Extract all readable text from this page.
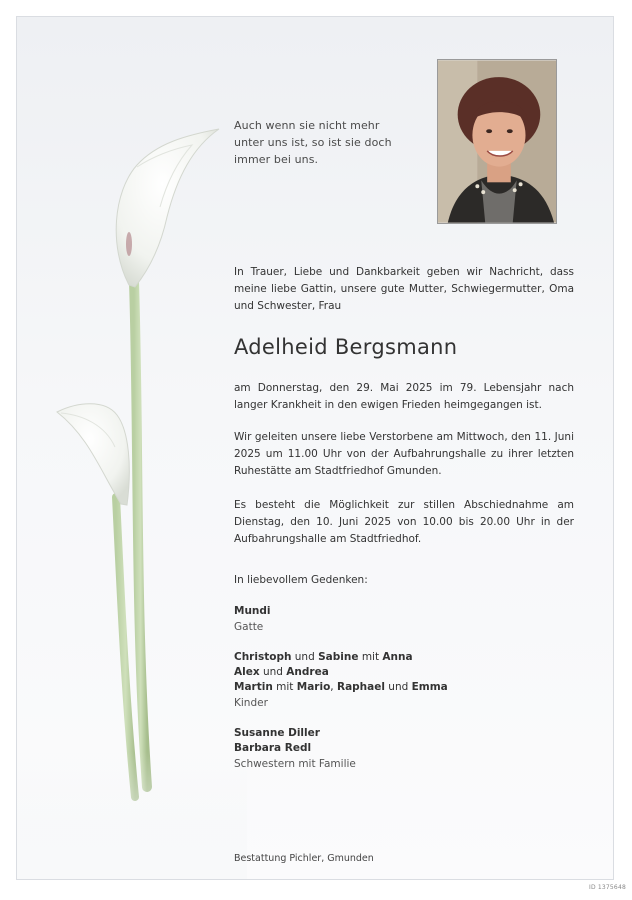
Auch wenn sie nicht mehr
unter uns ist, so ist sie doch
immer bei uns.
In Trauer, Liebe und Dankbarkeit geben wir Nachricht, dass meine liebe Gattin, unsere gute Mutter, Schwiegermutter, Oma und Schwester, Frau
Adelheid Bergsmann
am Donnerstag, den 29. Mai 2025 im 79. Lebensjahr nach langer Krankheit in den ewigen Frieden heimgegangen ist.
Wir geleiten unsere liebe Verstorbene am Mittwoch, den 11. Juni 2025 um 11.00 Uhr von der Aufbahrungshalle zu ihrer letzten Ruhestätte am Stadtfriedhof Gmunden.
Es besteht die Möglichkeit zur stillen Abschiednahme am Dienstag, den 10. Juni 2025 von 10.00 bis 20.00 Uhr in der Aufbahrungshalle am Stadtfriedhof.
In liebevollem Gedenken:
Mundi
Gatte
Christoph und Sabine mit Anna
Alex und Andrea
Martin mit Mario, Raphael und Emma
Kinder
Susanne Diller
Barbara Redl
Schwestern mit Familie
Bestattung Pichler, Gmunden
ID 1375648
